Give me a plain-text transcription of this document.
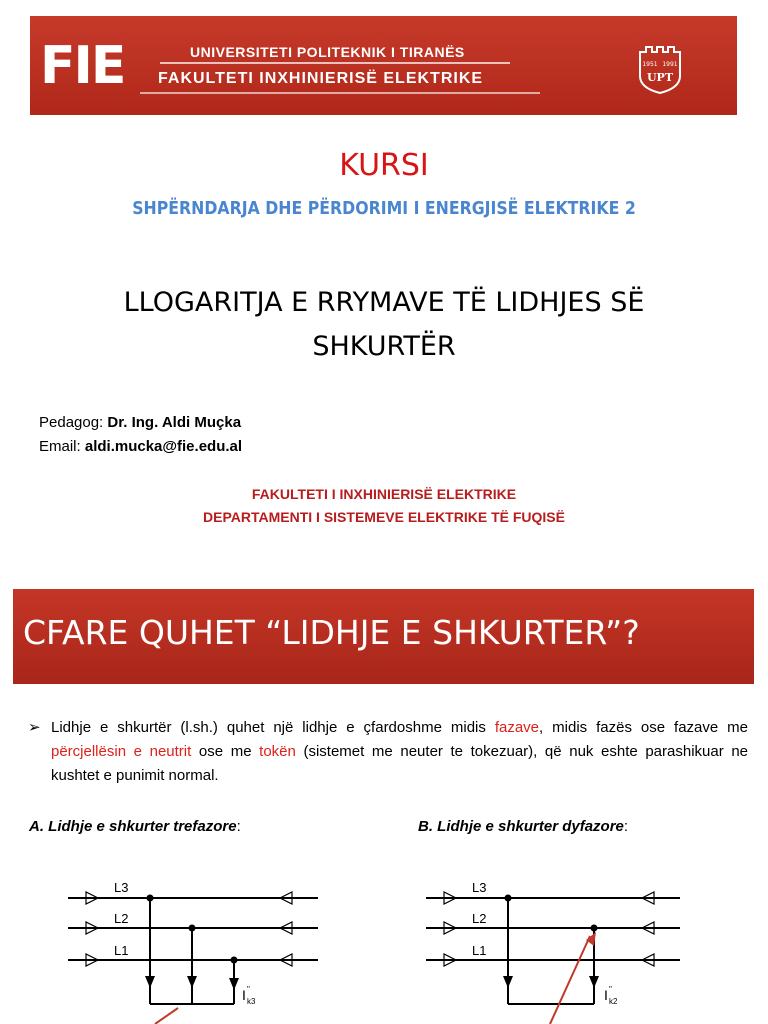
FIE	UNIVERSITETI POLITEKNIK I TIRANËS
FAKULTETI INXHINIERISË ELEKTRIKE
1951 1991
UPT
KURSI
SHPËRNDARJA DHE PËRDORIMI I ENERGJISË ELEKTRIKE 2
LLOGARITJA E RRYMAVE TË LIDHJES SË
SHKURTËR
Pedagog: Dr. Ing. Aldi Muçka
Email: aldi.mucka@fie.edu.al
FAKULTETI I INXHINIERISË ELEKTRIKE
DEPARTAMENTI I SISTEMEVE ELEKTRIKE TË FUQISË
CFARE QUHET “LIDHJE E SHKURTER”?
➢ Lidhje e shkurtër (l.sh.) quhet një lidhje e çfardoshme midis fazave, midis fazës ose fazave me përcjellësin e neutrit ose me tokën (sistemet me neuter te tokezuar), që nuk eshte parashikuar ne kushtet e punimit normal.
A. Lidhje e shkurter trefazore:	B. Lidhje e shkurter dyfazore:
L3
L2
L1
I "
k3
L3
L2
L1
I "
k2
